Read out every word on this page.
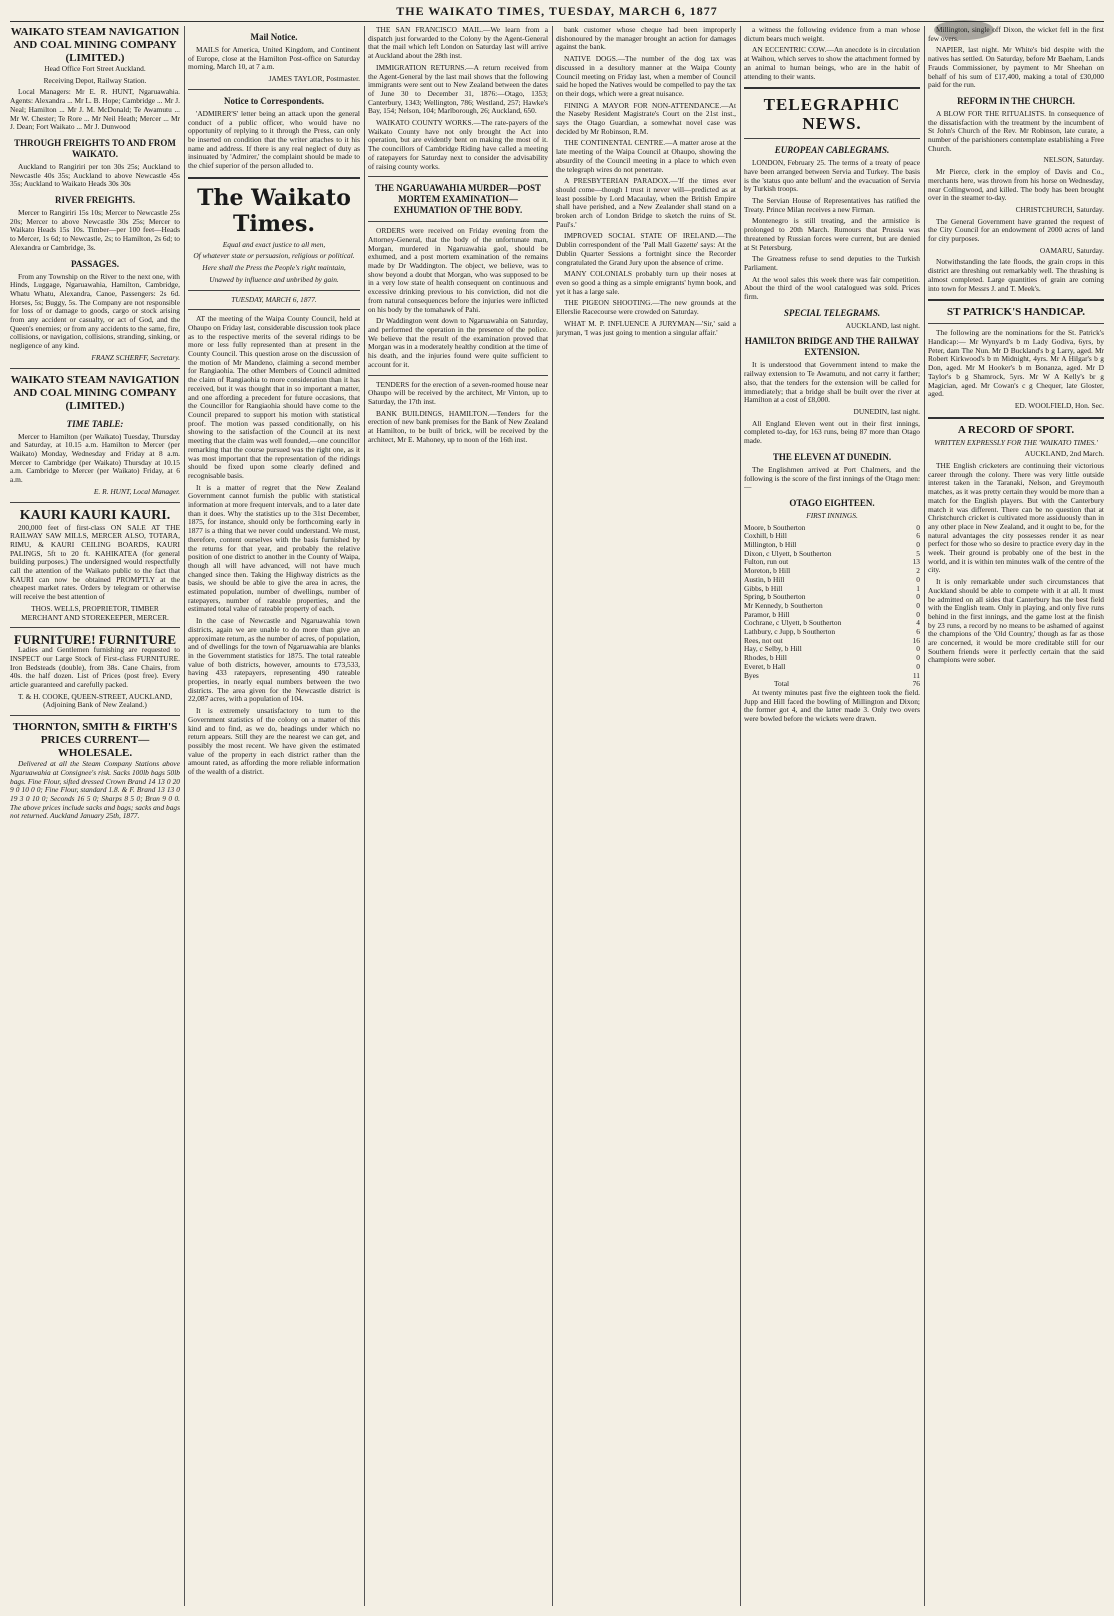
THE WAIKATO TIMES, TUESDAY, MARCH 6, 1877
WAIKATO STEAM NAVIGATION AND COAL MINING COMPANY (LIMITED.)

Head Office Fort Street Auckland.

Receiving Depot, Railway Station.

Local Managers: Mr E. R. HUNT, Ngaruawahia. Agents: Alexandra ... Mr L. B. Hope; Cambridge ... Mr J. Neal; Hamilton ... Mr J. M. McDonald; Te Awamutu ... Mr W. Chester; Te Rore ... Mr Neil Heath; Mercer ... Mr J. Dean; Fort Waikato ... Mr J. Dunwood

THROUGH FREIGHTS TO AND FROM WAIKATO.

Auckland to Rangiriri per ton 30s 25s; Auckland to Newcastle 40s 35s; Auckland to above Newcastle 45s 35s; Auckland to Waikato Heads 30s 30s

RIVER FREIGHTS.

Mercer to Rangiriri 15s 10s; Mercer to Newcastle 25s 20s; Mercer to above Newcastle 30s 25s; Mercer to Waikato Heads 15s 10s. Timber—per 100 feet—Heads to Mercer, 1s 6d; to Newcastle, 2s; to Hamilton, 2s 6d; to Alexandra or Cambridge, 3s.

PASSAGES.

From any Township on the River to the next one, with Hinds, Luggage, Ngaruawahia, Hamilton, Cambridge, Whatu Whatu, Alexandra, Canoe, Passengers: 2s 6d. Horses, 5s; Buggy, 5s. The Company are not responsible for loss of or damage to goods, cargo or stock arising from any accident or casualty, or act of God, and the Queen's enemies; or from any accidents to the same, fire, collisions, or navigation, collisions, stranding, sinking, or negligence of any kind.

FRANZ SCHERFF, Secretary.

WAIKATO STEAM NAVIGATION AND COAL MINING COMPANY (LIMITED.)
TIME TABLE:

Mercer to Hamilton (per Waikato) Tuesday, Thursday and Saturday, at 10.15 a.m. Hamilton to Mercer (per Waikato) Monday, Wednesday and Friday at 8 a.m. Mercer to Cambridge (per Waikato) Thursday at 10.15 a.m. Cambridge to Mercer (per Waikato) Friday, at 6 a.m.

E. R. HUNT, Local Manager.

KAURI KAURI KAURI.

200,000 feet of first-class ON SALE AT THE RAILWAY SAW MILLS, MERCER ALSO, TOTARA, RIMU, & KAURI CEILING BOARDS, KAURI PALINGS, 5ft to 20 ft. KAHIKATEA (for general building purposes.) The undersigned would respectfully call the attention of the Waikato public to the fact that KAURI can now be obtained PROMPTLY at the cheapest market rates. Orders by telegram or otherwise will receive the best attention of

THOS. WELLS, PROPRIETOR, TIMBER MERCHANT AND STOREKEEPER, MERCER.

FURNITURE! FURNITURE

Ladies and Gentlemen furnishing are requested to INSPECT our Large Stock of First-class FURNITURE. Iron Bedsteads (double), from 38s. Cane Chairs, from 40s. the half dozen. List of Prices (post free). Every article guaranteed and carefully packed.

T. & H. COOKE, QUEEN-STREET, AUCKLAND, (Adjoining Bank of New Zealand.)

THORNTON, SMITH & FIRTH'S PRICES CURRENT—WHOLESALE.

Delivered at all the Steam Company Stations above Ngaruawahia at Consignee's risk. Sacks 100lb bags 50lb bags. Fine Flour, sifted dressed Crown Brand 14 13 0 20 9 0 10 0 0; Fine Flour, standard 1.8. & F. Brand 13 13 0 19 3 0 10 0; Seconds 16 5 0; Sharps 8 5 0; Bran 9 0 0. The above prices include sacks and bags; sacks and bags not returned. Auckland January 25th, 1877.

Mail Notice.

MAILS for America, United Kingdom, and Continent of Europe, close at the Hamilton Post-office on Saturday morning, March 10, at 7 a.m.

JAMES TAYLOR, Postmaster.

Notice to Correspondents.

'ADMIRER'S' letter being an attack upon the general conduct of a public officer, who would have no opportunity of replying to it through the Press, can only be inserted on condition that the writer attaches to it his name and address. If there is any real neglect of duty as insinuated by 'Admirer,' the complaint should be made to the chief superior of the person alluded to.

The Waikato Times.

Equal and exact justice to all men,

Of whatever state or persuasion, religious or political.

Here shall the Press the People's right maintain,

Unawed by influence and unbribed by gain.

TUESDAY, MARCH 6, 1877.

AT the meeting of the Waipa County Council, held at Ohaupo on Friday last, considerable discussion took place as to the respective merits of the several ridings to be more or less fully represented than at present in the County Council. This question arose on the discussion of the motion of Mr Mandeno, claiming a second member for Rangiaohia. The other Members of Council admitted the claim of Rangiaohia to more consideration than it has received, but it was thought that in so important a matter, and one affording a precedent for future occasions, that the Councillor for Rangiaohia should have come to the Council prepared to support his motion with statistical proof. The motion was passed conditionally, on his showing to the satisfaction of the Council at its next meeting that the claim was well founded,—one councillor remarking that the course pursued was the right one, as it was most important that the representation of the ridings should be fixed upon some clearly defined and recognisable basis.

It is a matter of regret that the New Zealand Government cannot furnish the public with statistical information at more frequent intervals, and to a later date than it does. Why the statistics up to the 31st December, 1875, for instance, should only be forthcoming early in 1877 is a thing that we never could understand. We must, therefore, content ourselves with the basis furnished by the returns for that year, and probably the relative position of one district to another in the County of Waipa, though all will have advanced, will not have much changed since then. Taking the Highway districts as the basis, we should be able to give the area in acres, the estimated population, number of dwellings, number of ratepayers, number of rateable properties, and the estimated total value of rateable property of each.

In the case of Newcastle and Ngaruawahia town districts, again we are unable to do more than give an approximate return, as the number of acres, of population, and of dwellings for the town of Ngaruawahia are blanks in the Government statistics for 1875. The total rateable value of both districts, however, amounts to £73,533, having 433 ratepayers, representing 490 rateable properties, in nearly equal numbers between the two districts. The area given for the Newcastle district is 22,087 acres, with a population of 104.

It is extremely unsatisfactory to turn to the Government statistics of the colony on a matter of this kind and to find, as we do, headings under which no return appears. Still they are the nearest we can get, and possibly the most recent. We have given the estimated value of the property in each district rather than the amount rated, as affording the more reliable information of the wealth of a district.

THE SAN FRANCISCO MAIL.—We learn from a dispatch just forwarded to the Colony by the Agent-General that the mail which left London on Saturday last will arrive at Auckland about the 28th inst.

IMMIGRATION RETURNS.—A return received from the Agent-General by the last mail shows that the following immigrants were sent out to New Zealand between the dates of June 30 to December 31, 1876:—Otago, 1353; Canterbury, 1343; Wellington, 786; Westland, 257; Hawke's Bay, 154; Nelson, 104; Marlborough, 26; Auckland, 650.

WAIKATO COUNTY WORKS.—The rate-payers of the Waikato County have not only brought the Act into operation, but are evidently bent on making the most of it. The councillors of Cambridge Riding have called a meeting of ratepayers for Saturday next to consider the advisability of raising county works.

THE NGARUAWAHIA MURDER—POST MORTEM EXAMINATION—EXHUMATION OF THE BODY.

ORDERS were received on Friday evening from the Attorney-General, that the body of the unfortunate man, Morgan, murdered in Ngaruawahia gaol, should be exhumed, and a post mortem examination of the remains made by Dr Waddington. The object, we believe, was to show beyond a doubt that Morgan, who was supposed to be in a very low state of health consequent on continuous and excessive drinking previous to his conviction, did not die from natural consequences before the injuries were inflicted on his body by the tomahawk of Pahi.

Dr Waddington went down to Ngaruawahia on Saturday, and performed the operation in the presence of the police. We believe that the result of the examination proved that Morgan was in a moderately healthy condition at the time of his death, and the injuries found were quite sufficient to account for it.

TENDERS for the erection of a seven-roomed house near Ohaupo will be received by the architect, Mr Vinton, up to Saturday, the 17th inst.

BANK BUILDINGS, HAMILTON.—Tenders for the erection of new bank premises for the Bank of New Zealand at Hamilton, to be built of brick, will be received by the architect, Mr E. Mahoney, up to noon of the 16th inst.

bank customer whose cheque had been improperly dishonoured by the manager brought an action for damages against the bank.

NATIVE DOGS.—The number of the dog tax was discussed in a desultory manner at the Waipa County Council meeting on Friday last, when a member of Council said he hoped the Natives would be compelled to pay the tax on their dogs, which were a great nuisance.

FINING A MAYOR FOR NON-ATTENDANCE.—At the Naseby Resident Magistrate's Court on the 21st inst., says the Otago Guardian, a somewhat novel case was decided by Mr Robinson, R.M.

THE CONTINENTAL CENTRE.—A matter arose at the late meeting of the Waipa Council at Ohaupo, showing the absurdity of the Council meeting in a place to which even the telegraph wires do not penetrate.

A PRESBYTERIAN PARADOX.—'If the times ever should come—though I trust it never will—predicted as at least possible by Lord Macaulay, when the British Empire shall have perished, and a New Zealander shall stand on a broken arch of London Bridge to sketch the ruins of St. Paul's.'

IMPROVED SOCIAL STATE OF IRELAND.—The Dublin correspondent of the 'Pall Mall Gazette' says: At the Dublin Quarter Sessions a fortnight since the Recorder congratulated the Grand Jury upon the absence of crime.

MANY COLONIALS probably turn up their noses at even so good a thing as a simple emigrants' hymn book, and yet it has a large sale.

THE PIGEON SHOOTING.—The new grounds at the Ellerslie Racecourse were crowded on Saturday.

WHAT M. P. INFLUENCE A JURYMAN—'Sir,' said a juryman, 'I was just going to mention a singular affair.'

a witness the following evidence from a man whose dictum bears much weight.

AN ECCENTRIC COW.—An anecdote is in circulation at Waihou, which serves to show the attachment formed by an animal to human beings, who are in the habit of attending to their wants.

TELEGRAPHIC NEWS.
EUROPEAN CABLEGRAMS.

LONDON, February 25. The terms of a treaty of peace have been arranged between Servia and Turkey. The basis is the 'status quo ante bellum' and the evacuation of Servia by Turkish troops.

The Servian House of Representatives has ratified the Treaty. Prince Milan receives a new Firman.

Montenegro is still treating, and the armistice is prolonged to 20th March. Rumours that Prussia was threatened by Russian forces were current, but are denied at St Petersburg.

The Greatness refuse to send deputies to the Turkish Parliament.

At the wool sales this week there was fair competition. About the third of the wool catalogued was sold. Prices firm.

SPECIAL TELEGRAMS.

AUCKLAND, last night.

HAMILTON BRIDGE AND THE RAILWAY EXTENSION.

It is understood that Government intend to make the railway extension to Te Awamutu, and not carry it farther; also, that the tenders for the extension will be called for immediately; that a bridge shall be built over the river at Hamilton at a cost of £8,000.

DUNEDIN, last night.

All England Eleven went out in their first innings, completed to-day, for 163 runs, being 87 more than Otago made.

THE ELEVEN AT DUNEDIN.

The Englishmen arrived at Port Chalmers, and the following is the score of the first innings of the Otago men:—

OTAGO EIGHTEEN.

FIRST INNINGS.

Moore, b Southerton	0
Coxhill, b Hill	6
Millington, b Hill	0
Dixon, c Ulyett, b Southerton	5
Fulton, run out	13
Moreton, b Hill	2
Austin, b Hill	0
Gibbs, b Hill	1
Spring, b Southerton	0
Mr Kennedy, b Southerton	0
Paramor, b Hill	0
Cochrane, c Ulyett, b Southerton	4
Lathbury, c Jupp, b Southerton	6
Rees, not out	16
Hay, c Selby, b Hill	0
Rhodes, b Hill	0
Everet, b Hall	0
Byes	11
Total	76

At twenty minutes past five the eighteen took the field. Jupp and Hill faced the bowling of Millington and Dixon; the former got 4, and the latter made 3. Only two overs were bowled before the wickets were drawn.

Millington, single off Dixon, the wicket fell in the first few overs.

NAPIER, last night. Mr White's bid despite with the natives has settled. On Saturday, before Mr Baeham, Lands Frauds Commissioner, by payment to Mr Sheehan on behalf of his sum of £17,400, making a total of £30,000 paid for the run.

REFORM IN THE CHURCH.

A BLOW FOR THE RITUALISTS. In consequence of the dissatisfaction with the treatment by the incumbent of St John's Church of the Rev. Mr Robinson, late curate, a number of the parishioners contemplate establishing a Free Church.

NELSON, Saturday.

Mr Pierce, clerk in the employ of Davis and Co., merchants here, was thrown from his horse on Wednesday, near Collingwood, and killed. The body has been brought over in the steamer to-day.

CHRISTCHURCH, Saturday.

The General Government have granted the request of the City Council for an endowment of 2000 acres of land for city purposes.

OAMARU, Saturday.

Notwithstanding the late floods, the grain crops in this district are threshing out remarkably well. The thrashing is almost completed. Large quantities of grain are coming into town for Messrs J. and T. Meek's.

ST PATRICK'S HANDICAP.

The following are the nominations for the St. Patrick's Handicap:— Mr Wynyard's b m Lady Godiva, 6yrs, by Peter, dam The Nun. Mr D Buckland's b g Larry, aged. Mr Robert Kirkwood's b m Midnight, 4yrs. Mr A Hilgar's b g Don, aged. Mr M Hooker's b m Bonanza, aged. Mr D Taylor's b g Shamrock, 5yrs. Mr W A Kelly's br g Magician, aged. Mr Cowan's c g Chequer, late Gloster, aged.

ED. WOOLFIELD, Hon. Sec.

A RECORD OF SPORT.

WRITTEN EXPRESSLY FOR THE 'WAIKATO TIMES.'

AUCKLAND, 2nd March.

THE English cricketers are continuing their victorious career through the colony. There was very little outside interest taken in the Taranaki, Nelson, and Greymouth matches, as it was pretty certain they would be more than a match for the English players. But with the Canterbury match it was different. There can be no question that at Christchurch cricket is cultivated more assiduously than in any other place in New Zealand, and it ought to be, for the natural advantages the city possesses render it as near perfect for those who so desire to practice every day in the week. Their ground is probably one of the best in the world, and it is within ten minutes walk of the centre of the city.

It is only remarkable under such circumstances that Auckland should be able to compete with it at all. It must be admitted on all sides that Canterbury has the best field with the English team. Only in playing, and only five runs behind in the first innings, and the game lost at the finish by 23 runs, a record by no means to be ashamed of against the champions of the 'Old Country,' though as far as those are concerned, it would be more creditable still for our Southern friends were it perfectly certain that the said champions were sober.
